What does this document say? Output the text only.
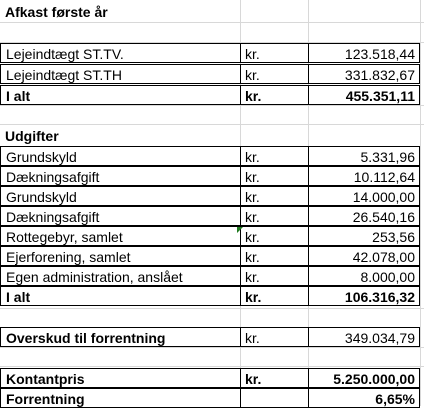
Afkast første år
Lejeindtægt ST.TV.	kr.	123.518,44
Lejeindtægt ST.TH	kr.	331.832,67
I alt	kr.	455.351,11
Udgifter
Grundskyld	kr.	5.331,96
Dækningsafgift	kr.	10.112,64
Grundskyld	kr.	14.000,00
Dækningsafgift	kr.	26.540,16
Rottegebyr, samlet	kr.	253,56
Ejerforening, samlet	kr.	42.078,00
Egen administration, anslået	kr.	8.000,00
I alt	kr.	106.316,32
Overskud til forrentning	kr.	349.034,79
Kontantpris	kr.	5.250.000,00
Forrentning	6,65%
